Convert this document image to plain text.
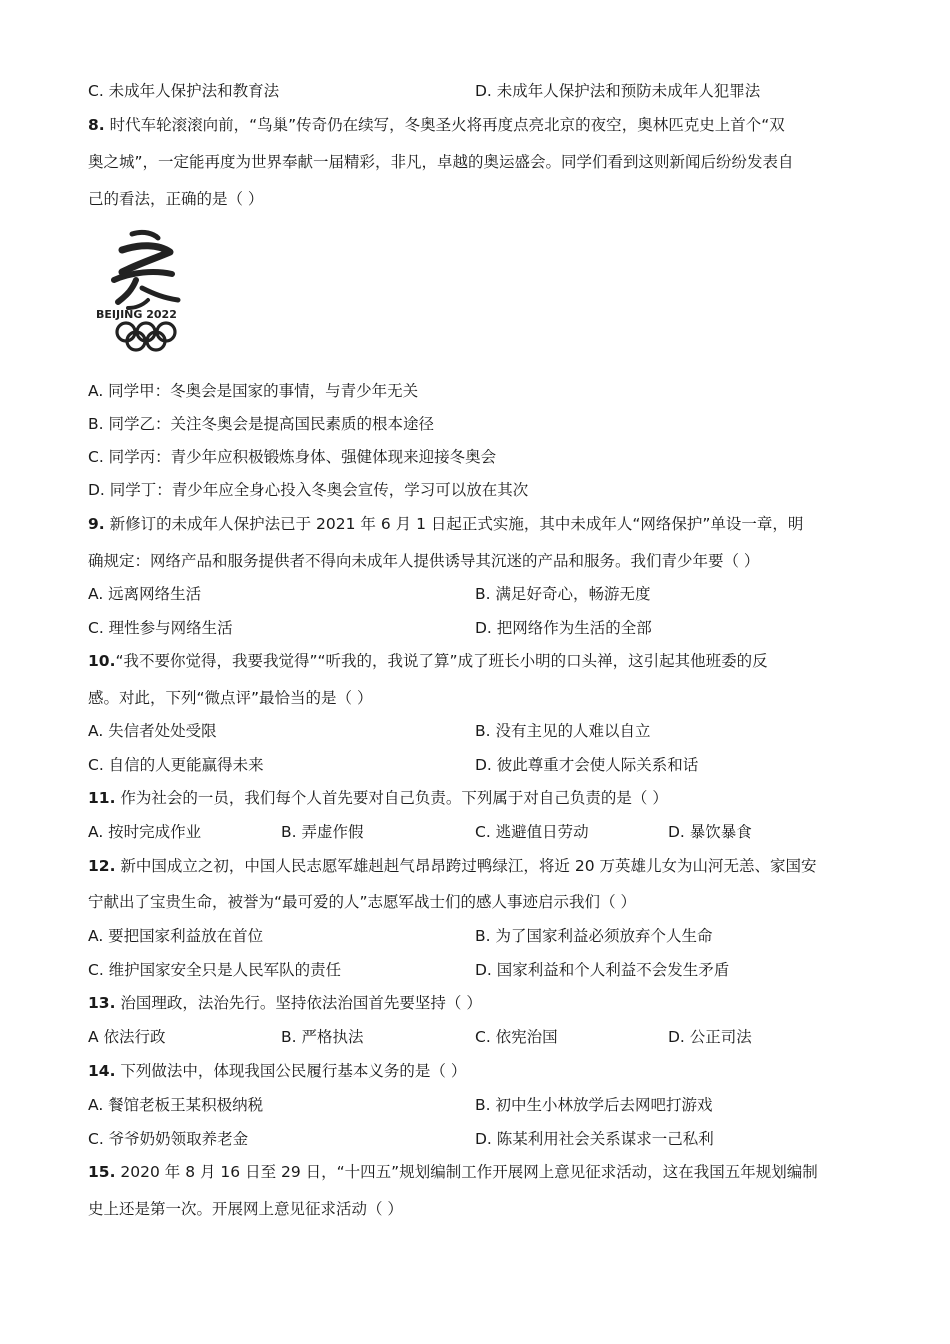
C. 未成年人保护法和教育法	D. 未成年人保护法和预防未成年人犯罪法
8. 时代车轮滚滚向前，“鸟巢”传奇仍在续写，冬奥圣火将再度点亮北京的夜空，奥林匹克史上首个“双
奥之城”，一定能再度为世界奉献一届精彩，非凡，卓越的奥运盛会。同学们看到这则新闻后纷纷发表自
己的看法，正确的是（ ）
BEIJING 2022
A. 同学甲：冬奥会是国家的事情，与青少年无关
B. 同学乙：关注冬奥会是提高国民素质的根本途径
C. 同学丙：青少年应积极锻炼身体、强健体现来迎接冬奥会
D. 同学丁：青少年应全身心投入冬奥会宣传，学习可以放在其次
9. 新修订的未成年人保护法已于 2021 年 6 月 1 日起正式实施，其中未成年人“网络保护”单设一章，明
确规定：网络产品和服务提供者不得向未成年人提供诱导其沉迷的产品和服务。我们青少年要（ ）
A. 远离网络生活	B. 满足好奇心，畅游无度
C. 理性参与网络生活	D. 把网络作为生活的全部
10.“我不要你觉得，我要我觉得”“听我的，我说了算”成了班长小明的口头禅，这引起其他班委的反
感。对此，下列“微点评”最恰当的是（ ）
A. 失信者处处受限	B. 没有主见的人难以自立
C. 自信的人更能赢得未来	D. 彼此尊重才会使人际关系和话
11. 作为社会的一员，我们每个人首先要对自己负责。下列属于对自己负责的是（ ）
A. 按时完成作业	B. 弄虚作假	C. 逃避值日劳动	D. 暴饮暴食
12. 新中国成立之初，中国人民志愿军雄赳赳气昂昂跨过鸭绿江，将近 20 万英雄儿女为山河无恙、家国安
宁献出了宝贵生命，被誉为“最可爱的人”志愿军战士们的感人事迹启示我们（ ）
A. 要把国家利益放在首位	B. 为了国家利益必须放弃个人生命
C. 维护国家安全只是人民军队的责任	D. 国家利益和个人利益不会发生矛盾
13. 治国理政，法治先行。坚持依法治国首先要坚持（ ）
A 依法行政	B. 严格执法	C. 依宪治国	D. 公正司法
14. 下列做法中，体现我国公民履行基本义务的是（ ）
A. 餐馆老板王某积极纳税	B. 初中生小林放学后去网吧打游戏
C. 爷爷奶奶领取养老金	D. 陈某利用社会关系谋求一己私利
15. 2020 年 8 月 16 日至 29 日，“十四五”规划编制工作开展网上意见征求活动，这在我国五年规划编制
史上还是第一次。开展网上意见征求活动（ ）
